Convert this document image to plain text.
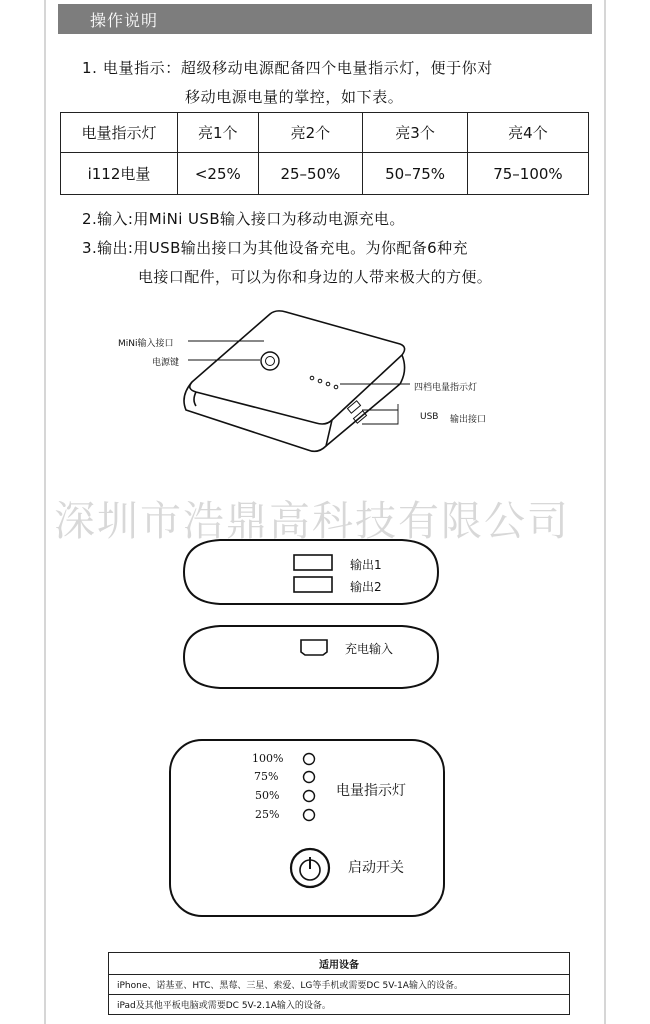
操作说明
1. 电量指示：超级移动电源配备四个电量指示灯，便于你对
移动电源电量的掌控，如下表。
电量指示灯	亮1个	亮2个	亮3个	亮4个
i112电量	<25%	25–50%	50–75%	75–100%
2.输入:用MiNi USB输入接口为移动电源充电。
3.输出:用USB输出接口为其他设备充电。为你配备6种充
电接口配件，可以为你和身边的人带来极大的方便。
MiNi输入接口
电源键
四档电量指示灯
USB 输出接口
深圳市浩鼎高科技有限公司
输出1
输出2
充电输入
100%
75%
50%
25%
电量指示灯
启动开关
适用设备
iPhone、诺基亚、HTC、黑莓、三星、索爱、LG等手机或需要DC 5V-1A输入的设备。
iPad及其他平板电脑或需要DC 5V-2.1A输入的设备。
